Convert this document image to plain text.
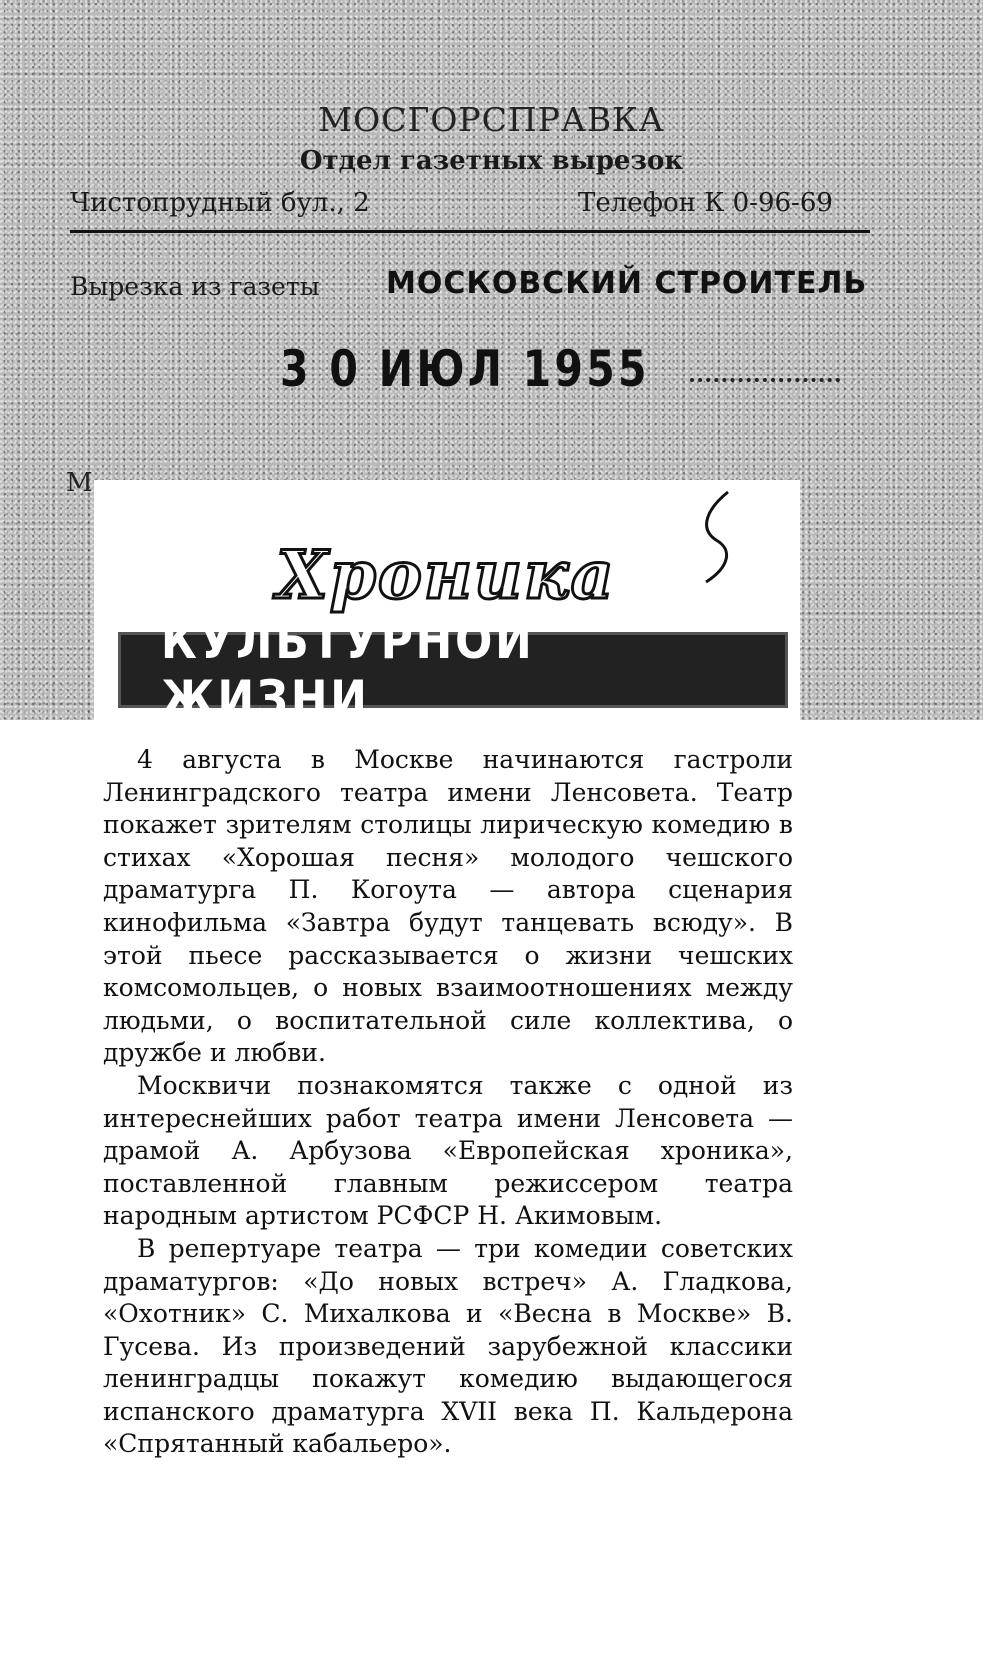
МОСГОРСПРАВКА
Отдел газетных вырезок
Чистопрудный бул., 2	Телефон К 0-96-69
Вырезка из газеты МОСКОВСКИЙ СТРОИТЕЛЬ
3 0 ИЮЛ 1955
М
Хроника
КУЛЬТУРНОЙ ЖИЗНИ

4 августа в Москве начинаются гастроли Ленинградского театра имени Ленсовета. Театр покажет зрителям столицы лирическую комедию в стихах «Хорошая песня» молодого чешского драматурга П. Когоута — автора сценария кинофильма «Завтра будут танцевать всюду». В этой пьесе рассказывается о жизни чешских комсомольцев, о новых взаимоотношениях между людьми, о воспитательной силе коллектива, о дружбе и любви.

Москвичи познакомятся также с одной из интереснейших работ театра имени Ленсовета — драмой А. Арбузова «Европейская хроника», поставленной главным режиссером театра народным артистом РСФСР Н. Акимовым.

В репертуаре театра — три комедии советских драматургов: «До новых встреч» А. Гладкова, «Охотник» С. Михалкова и «Весна в Москве» В. Гусева. Из произведений зарубежной классики ленинградцы покажут комедию выдающегося испанского драматурга XVII века П. Кальдерона «Спрятанный кабальеро».
